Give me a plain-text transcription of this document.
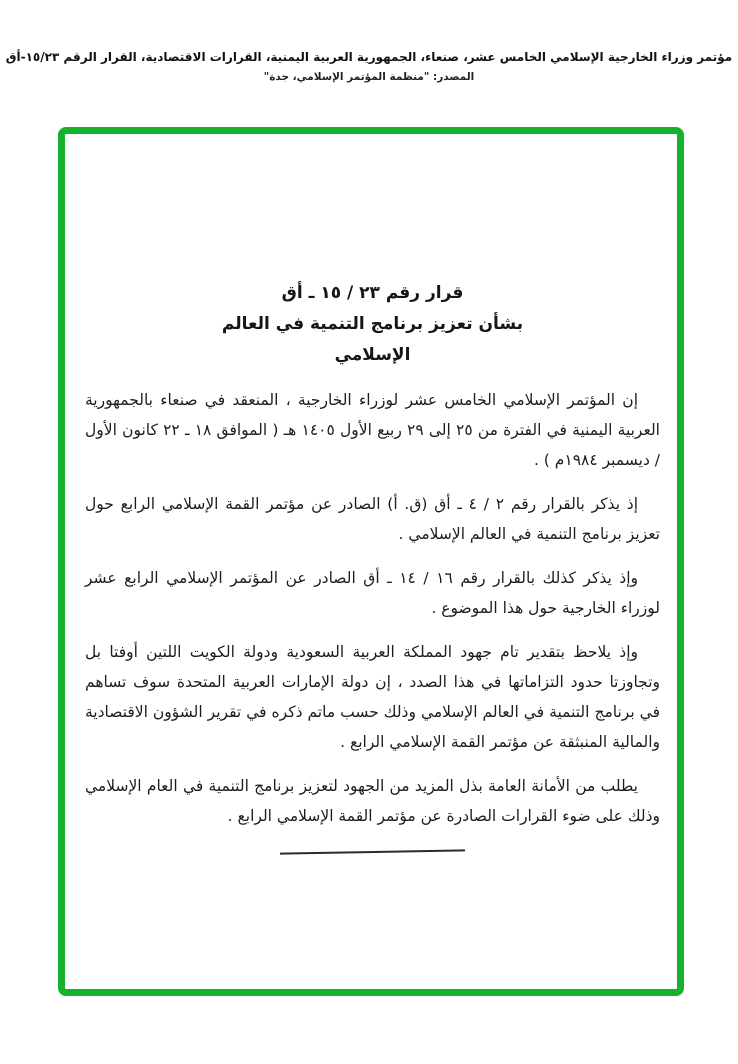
مؤتمر وزراء الخارجية الإسلامي الخامس عشر، صنعاء، الجمهورية العربية اليمنية، القرارات الاقتصادية، القرار الرقم ١٥/٢٣-أق
المصدر: "منظمة المؤتمر الإسلامي، جدة"
قرار رقم ٢٣ / ١٥ ـ أق
بشأن تعزيز برنامج التنمية في العالم
الإسلامي

إن المؤتمر الإسلامي الخامس عشر لوزراء الخارجية ، المنعقد في صنعاء بالجمهورية العربية اليمنية في الفترة من ٢٥ إلى ٢٩ ربيع الأول ١٤٠٥ هـ ( الموافق ١٨ ـ ٢٢ كانون الأول / ديسمبر ١٩٨٤م ) .

إذ يذكر بالقرار رقم ٢ / ٤ ـ أق (ق. أ) الصادر عن مؤتمر القمة الإسلامي الرابع حول تعزيز برنامج التنمية في العالم الإسلامي .

وإذ يذكر كذلك بالقرار رقم ١٦ / ١٤ ـ أق الصادر عن المؤتمر الإسلامي الرابع عشر لوزراء الخارجية حول هذا الموضوع .

وإذ يلاحظ بتقدير تام جهود المملكة العربية السعودية ودولة الكويت اللتين أوفتا بل وتجاوزتا حدود التزاماتها في هذا الصدد ، إن دولة الإمارات العربية المتحدة سوف تساهم في برنامج التنمية في العالم الإسلامي وذلك حسب ماتم ذكره في تقرير الشؤون الاقتصادية والمالية المنبثقة عن مؤتمر القمة الإسلامي الرابع .

يطلب من الأمانة العامة بذل المزيد من الجهود لتعزيز برنامج التنمية في العام الإسلامي وذلك على ضوء القرارات الصادرة عن مؤتمر القمة الإسلامي الرابع .
